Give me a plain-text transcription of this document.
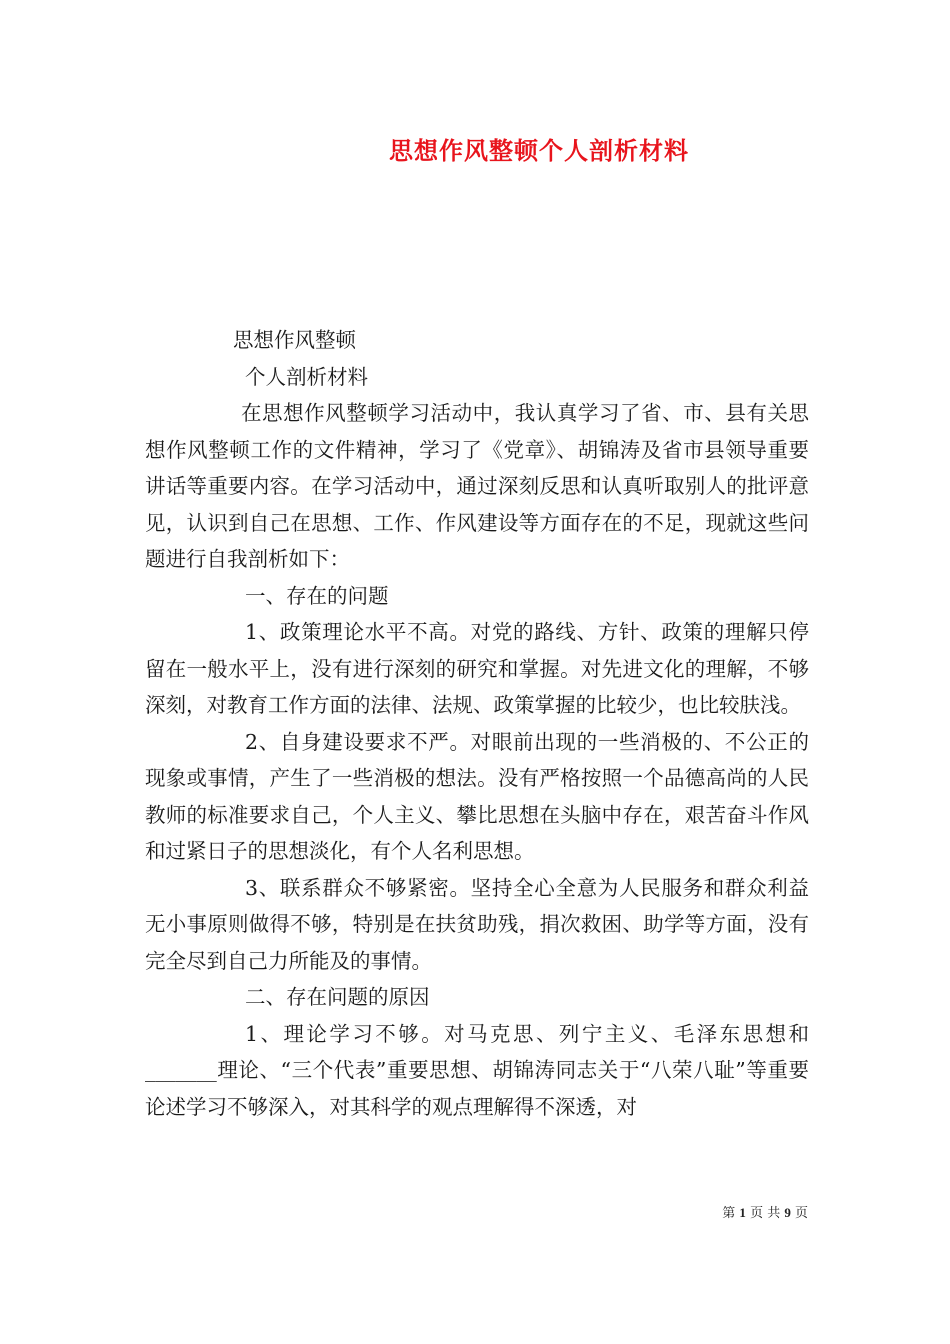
思想作风整顿个人剖析材料

思想作风整顿

个人剖析材料

在思想作风整顿学习活动中，我认真学习了省、市、县有关思想作风整顿工作的文件精神，学习了《党章》、胡锦涛及省市县领导重要讲话等重要内容。在学习活动中，通过深刻反思和认真听取别人的批评意见，认识到自己在思想、工作、作风建设等方面存在的不足，现就这些问题进行自我剖析如下：

一、存在的问题

1、政策理论水平不高。对党的路线、方针、政策的理解只停留在一般水平上，没有进行深刻的研究和掌握。对先进文化的理解，不够深刻，对教育工作方面的法律、法规、政策掌握的比较少，也比较肤浅。

2、自身建设要求不严。对眼前出现的一些消极的、不公正的现象或事情，产生了一些消极的想法。没有严格按照一个品德高尚的人民教师的标准要求自己，个人主义、攀比思想在头脑中存在，艰苦奋斗作风和过紧日子的思想淡化，有个人名利思想。

3、联系群众不够紧密。坚持全心全意为人民服务和群众利益无小事原则做得不够，特别是在扶贫助残，捐次救困、助学等方面，没有完全尽到自己力所能及的事情。

二、存在问题的原因

1、理论学习不够。对马克思、列宁主义、毛泽东思想和_______理论、“三个代表”重要思想、胡锦涛同志关于“八荣八耻”等重要论述学习不够深入，对其科学的观点理解得不深透，对

第 1 页 共 9 页
